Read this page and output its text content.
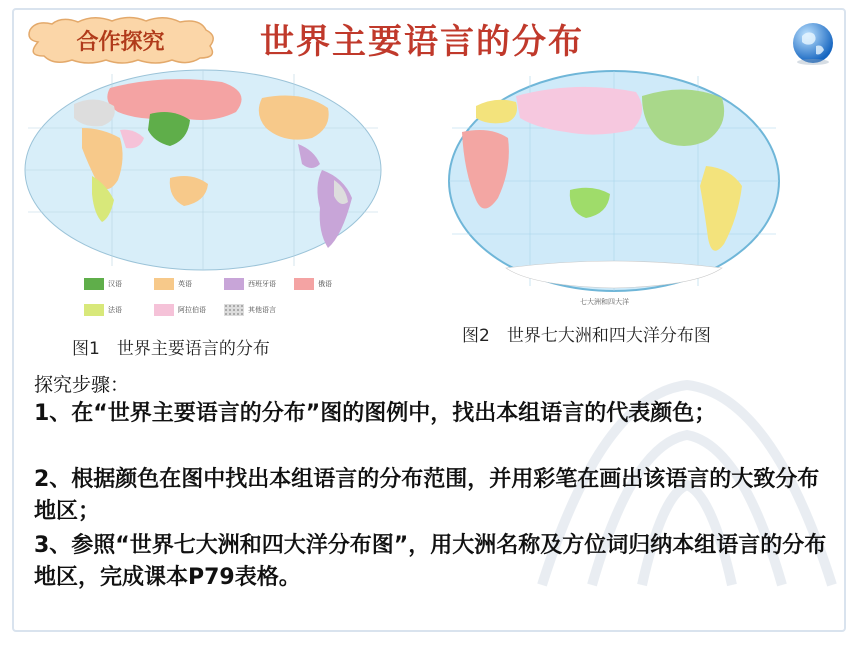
合作探究	世界主要语言的分布
汉语	英语	西班牙语	俄语
法语	阿拉伯语	其他语言
七大洲和四大洋
图1　世界主要语言的分布
图2　世界七大洲和四大洋分布图
探究步骤：
1、在“世界主要语言的分布”图的图例中，找出本组语言的代表颜色；
2、根据颜色在图中找出本组语言的分布范围，并用彩笔在画出该语言的大致分布地区；
3、参照“世界七大洲和四大洋分布图”，用大洲名称及方位词归纳本组语言的分布地区，完成课本P79表格。
